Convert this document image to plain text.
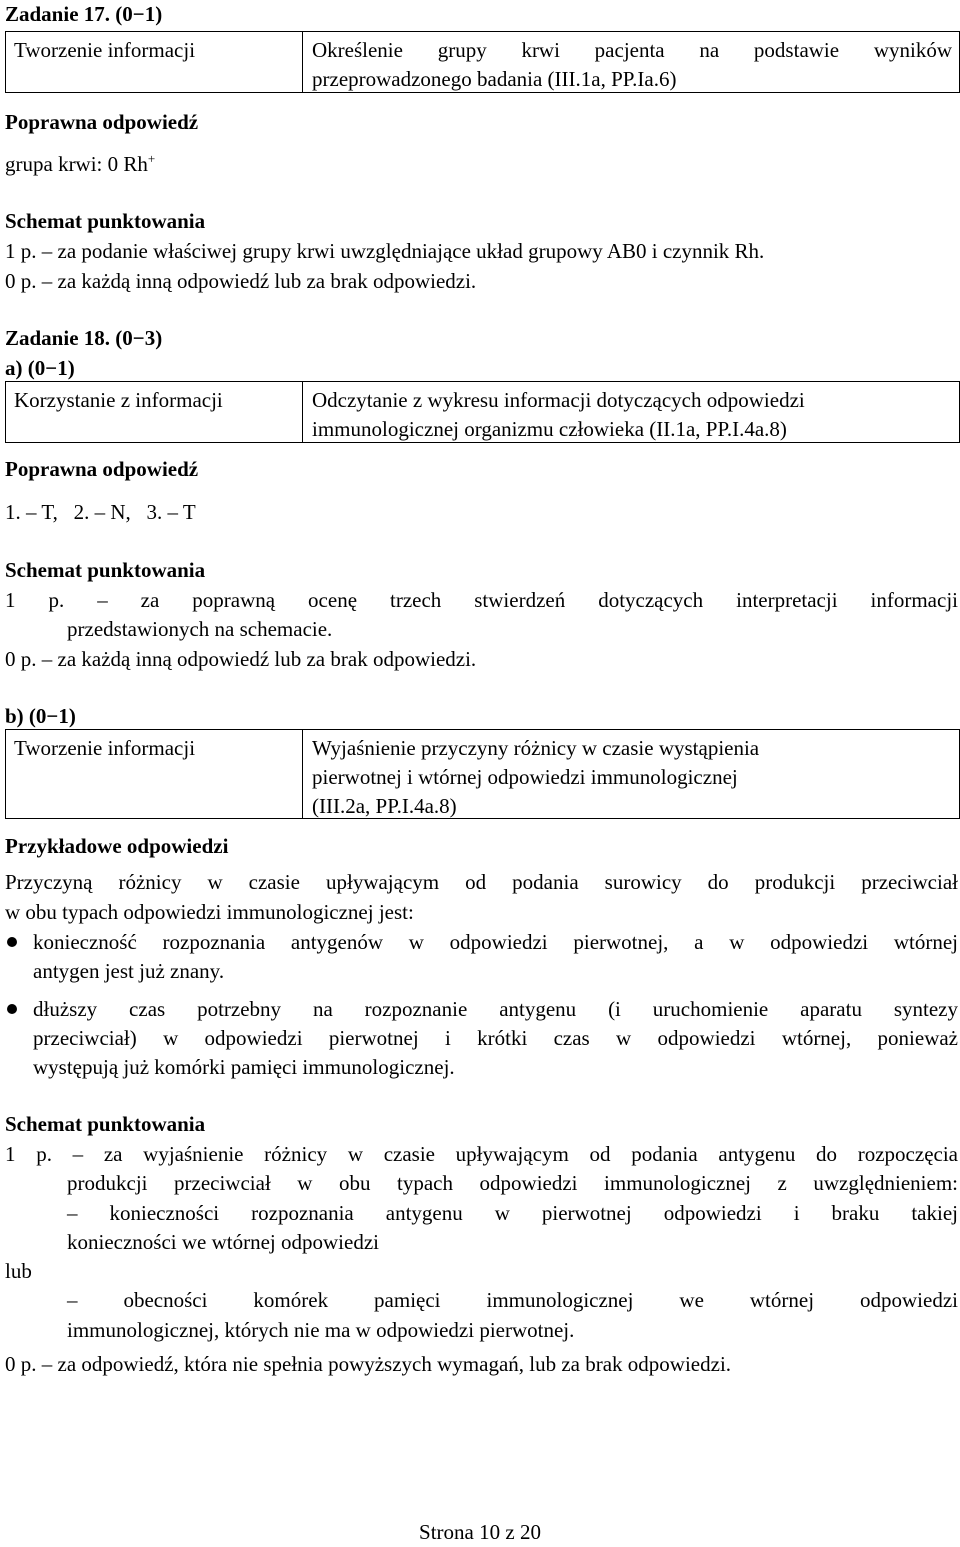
Zadanie 17. (0−1)
Tworzenie informacji	Określenie grupy krwi pacjenta na podstawie wyników
przeprowadzonego badania (III.1a, PP.Ia.6)
Poprawna odpowiedź
grupa krwi: 0 Rh+
Schemat punktowania
1 p. – za podanie właściwej grupy krwi uwzględniające układ grupowy AB0 i czynnik Rh.
0 p. – za każdą inną odpowiedź lub za brak odpowiedzi.
Zadanie 18. (0−3)
a) (0−1)
Korzystanie z informacji	Odczytanie z wykresu informacji dotyczących odpowiedzi
immunologicznej organizmu człowieka (II.1a, PP.I.4a.8)
Poprawna odpowiedź
1. – T,   2. – N,   3. – T
Schemat punktowania
1 p. – za poprawną ocenę trzech stwierdzeń dotyczących interpretacji informacji
przedstawionych na schemacie.
0 p. – za każdą inną odpowiedź lub za brak odpowiedzi.
b) (0−1)
Tworzenie informacji	Wyjaśnienie przyczyny różnicy w czasie wystąpienia
pierwotnej i wtórnej odpowiedzi immunologicznej
(III.2a, PP.I.4a.8)
Przykładowe odpowiedzi
Przyczyną różnicy w czasie upływającym od podania surowicy do produkcji przeciwciał
w obu typach odpowiedzi immunologicznej jest:
konieczność rozpoznania antygenów w odpowiedzi pierwotnej, a w odpowiedzi wtórnej
antygen jest już znany.
dłuższy czas potrzebny na rozpoznanie antygenu (i uruchomienie aparatu syntezy
przeciwciał) w odpowiedzi pierwotnej i krótki czas w odpowiedzi wtórnej, ponieważ
występują już komórki pamięci immunologicznej.
Schemat punktowania
1 p. – za wyjaśnienie różnicy w czasie upływającym od podania antygenu do rozpoczęcia
produkcji przeciwciał w obu typach odpowiedzi immunologicznej z uwzględnieniem:
– konieczności rozpoznania antygenu w pierwotnej odpowiedzi i braku takiej
konieczności we wtórnej odpowiedzi
lub
– obecności komórek pamięci immunologicznej we wtórnej odpowiedzi
immunologicznej, których nie ma w odpowiedzi pierwotnej.
0 p. – za odpowiedź, która nie spełnia powyższych wymagań, lub za brak odpowiedzi.
Strona 10 z 20
